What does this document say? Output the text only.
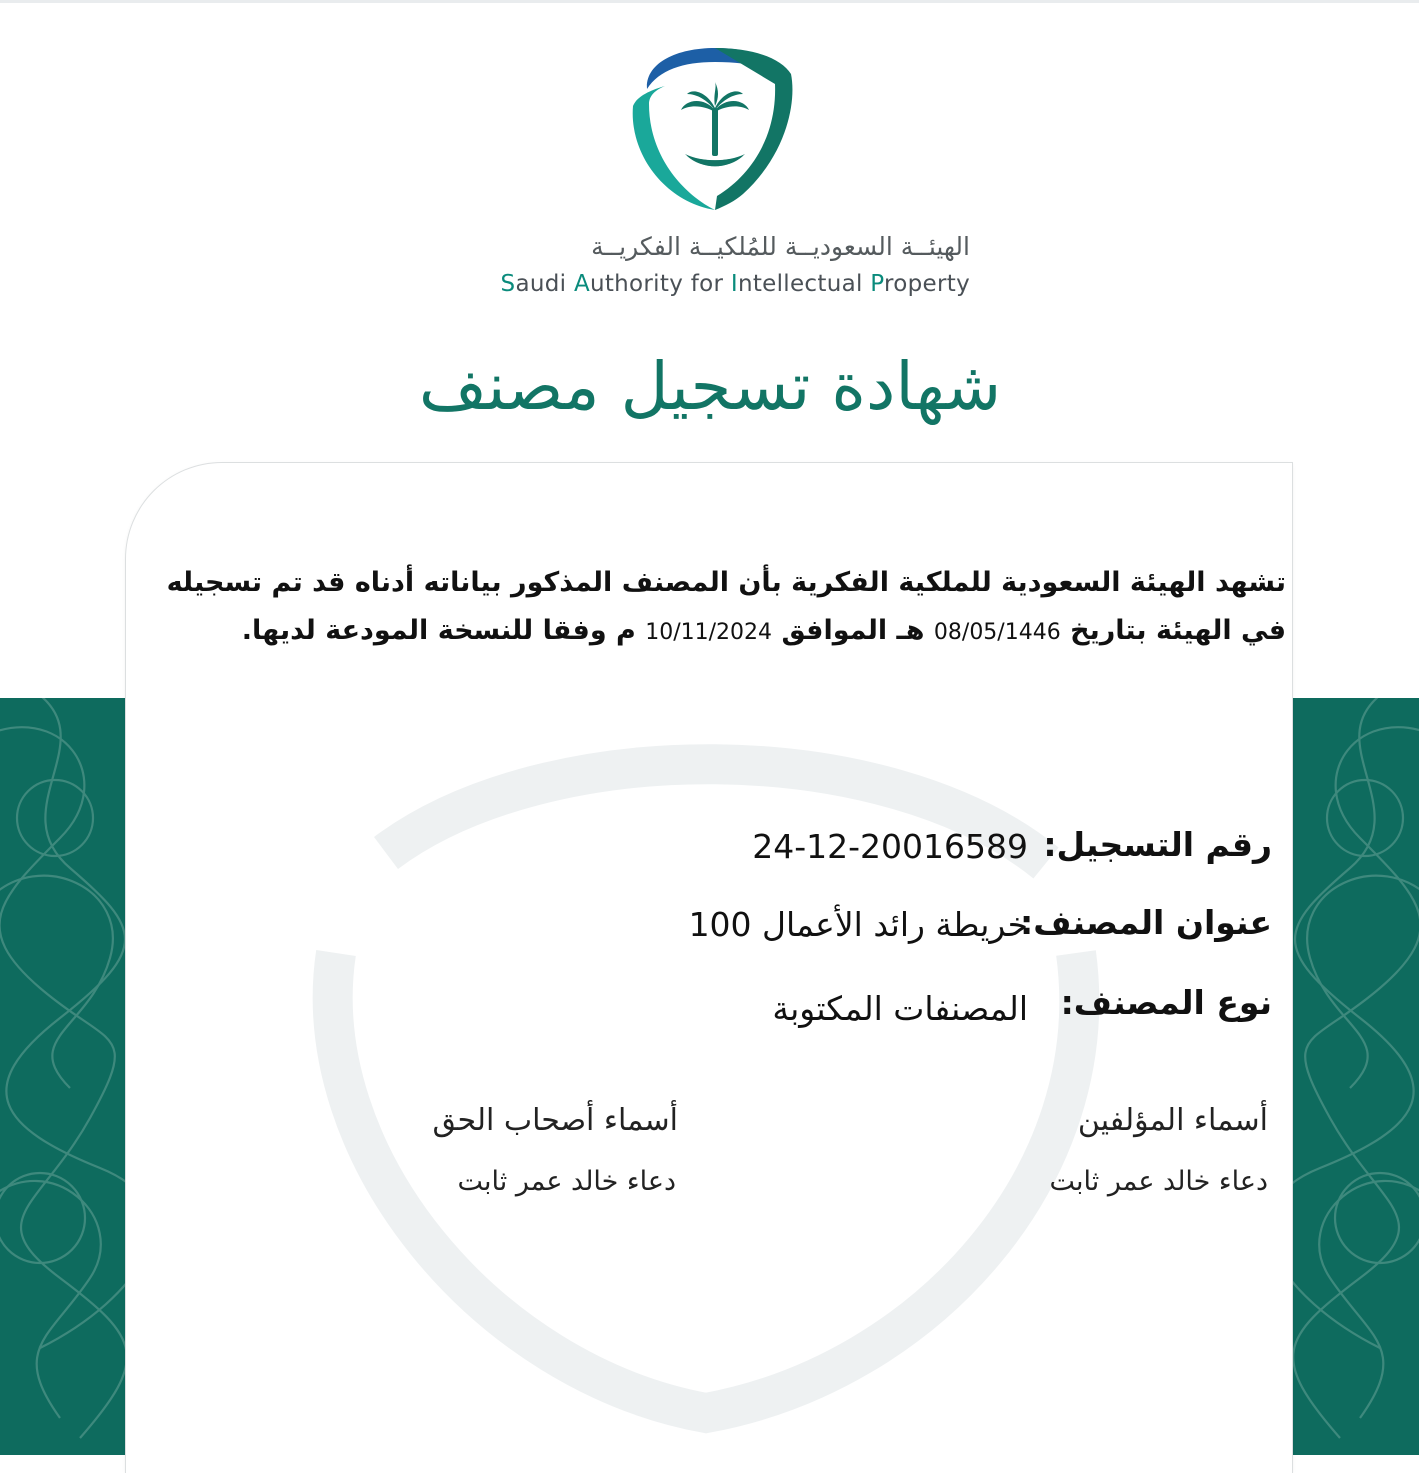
الهيئــة السعوديــة للمُلكيــة الفكريــة
Saudi Authority for Intellectual Property
شهادة تسجيل مصنف
تشهد الهيئة السعودية للملكية الفكرية بأن المصنف المذكور بياناته أدناه قد تم تسجيله في الهيئة بتاريخ 08/05/1446 هـ الموافق 10/11/2024 م وفقا للنسخة المودعة لديها.
رقم التسجيل:
24-12-20016589
عنوان المصنف:
خريطة رائد الأعمال 100
نوع المصنف:
المصنفات المكتوبة
أسماء المؤلفين
دعاء خالد عمر ثابت
أسماء أصحاب الحق
دعاء خالد عمر ثابت
